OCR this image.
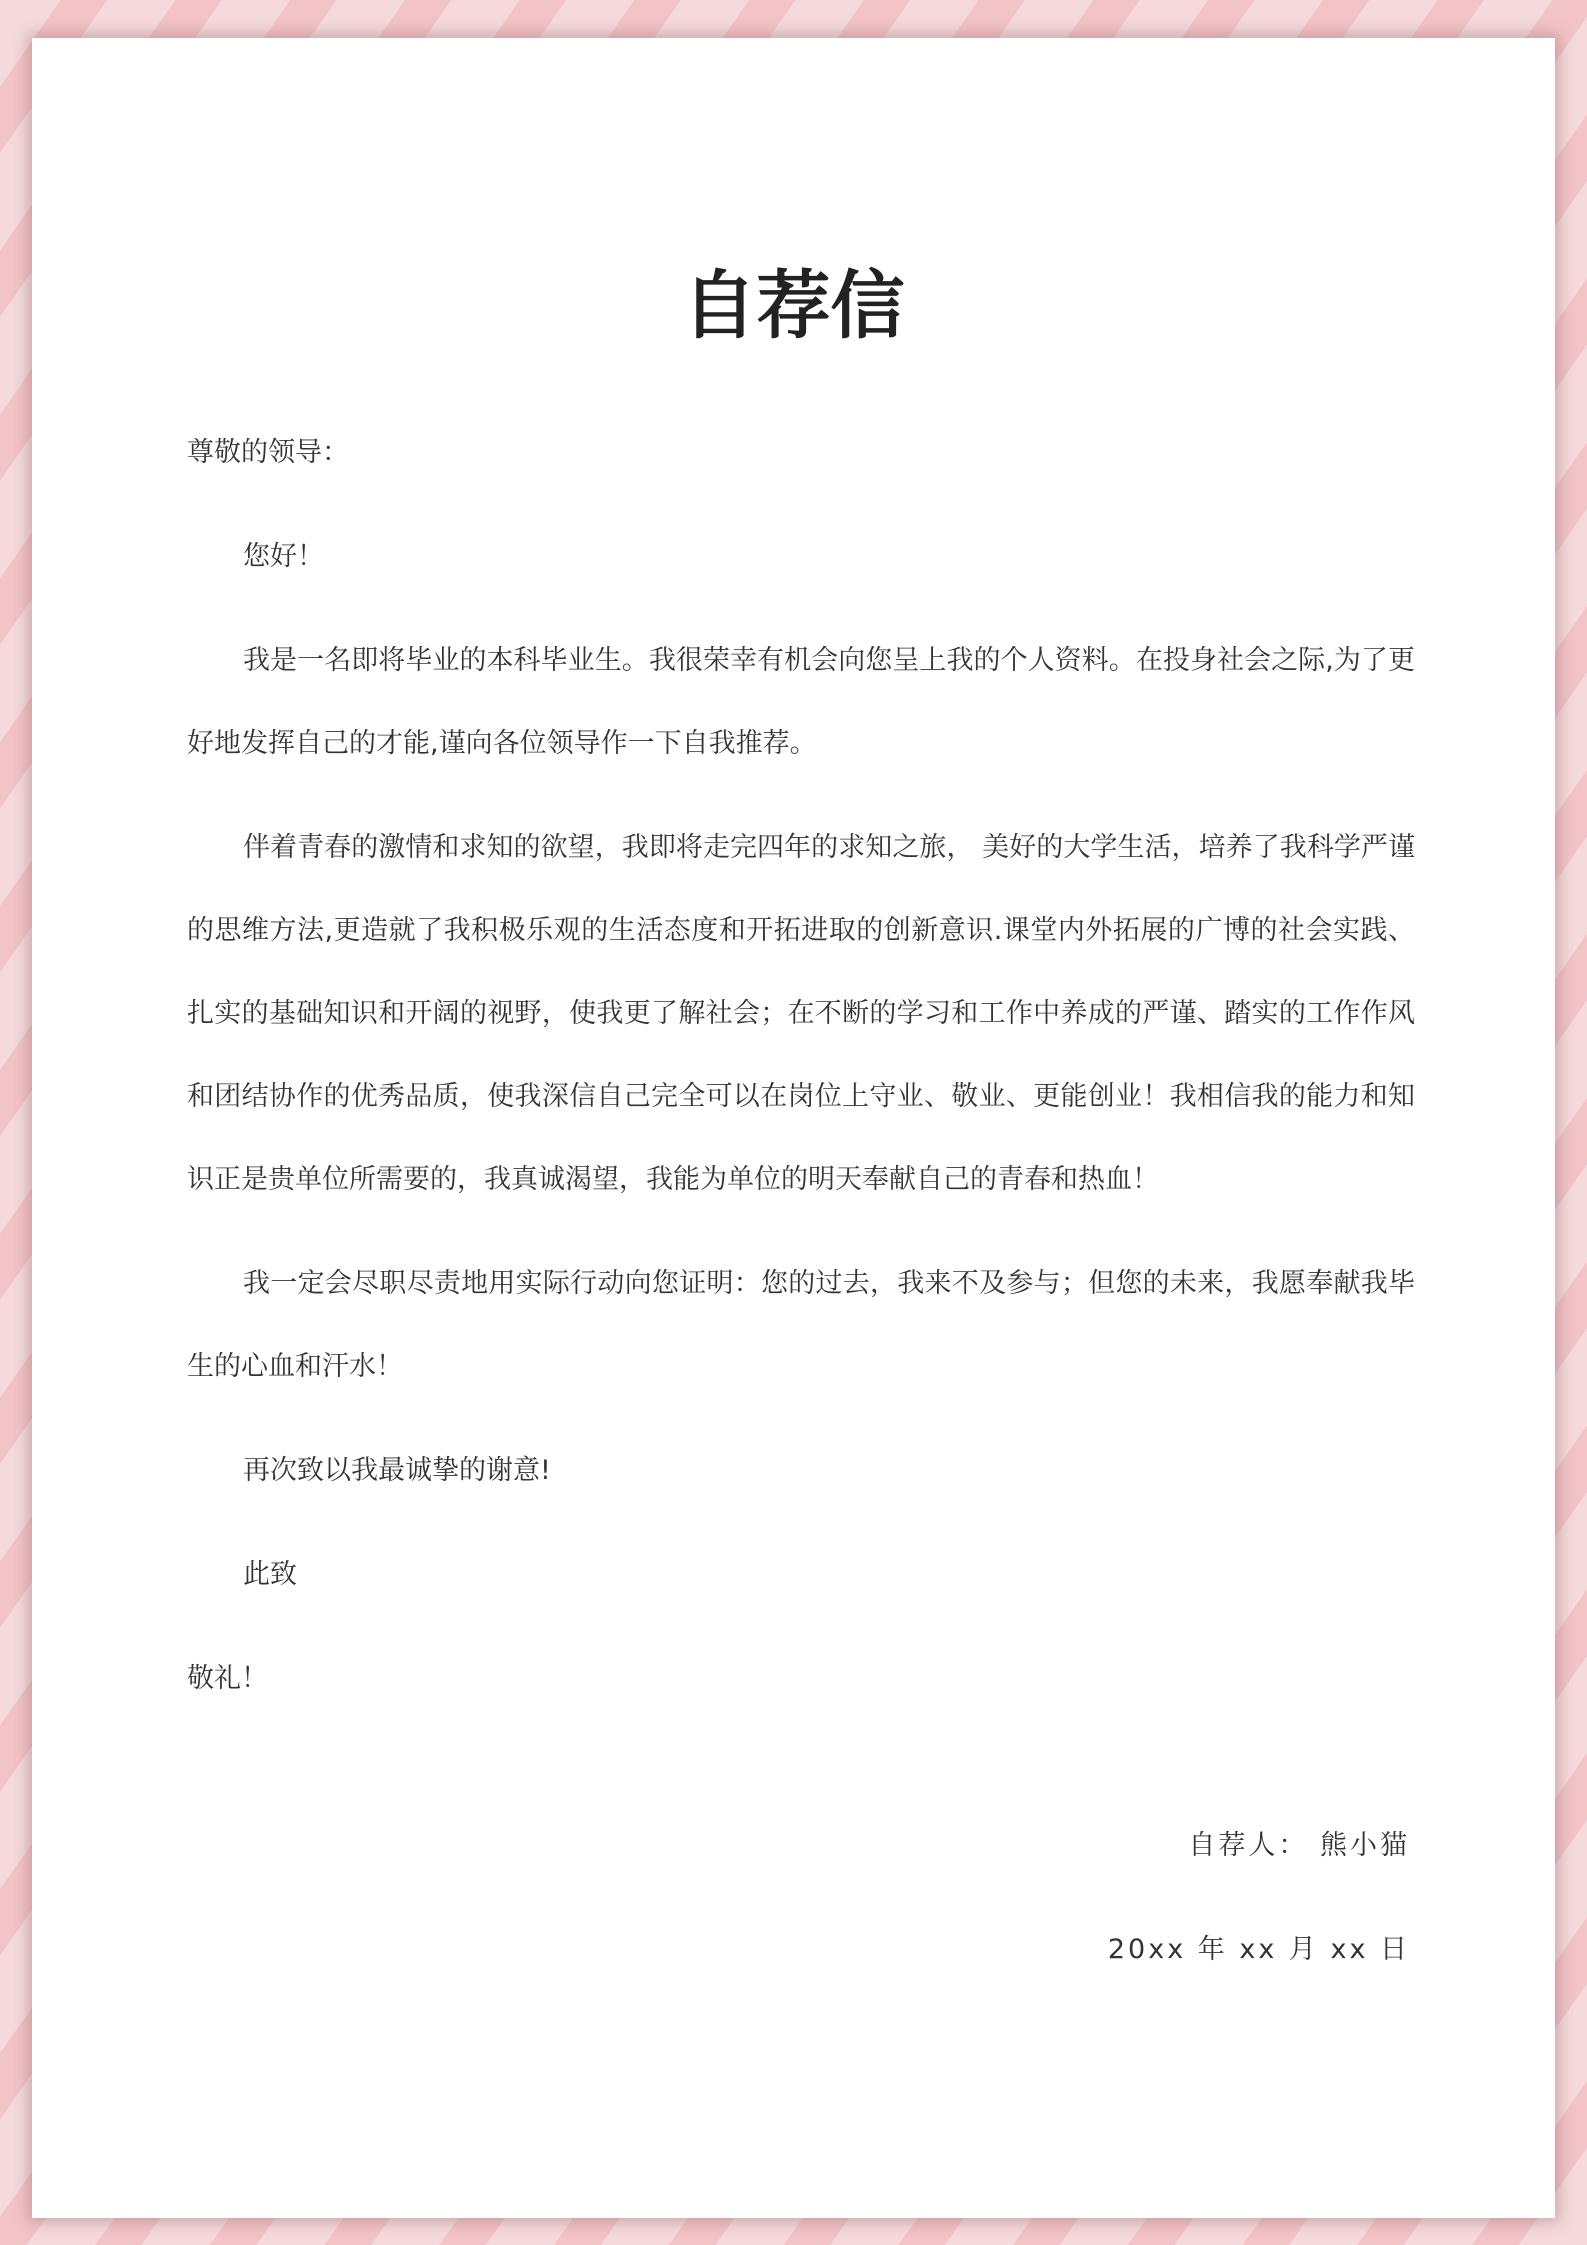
自荐信

尊敬的领导：

您好！

我是一名即将毕业的本科毕业生。我很荣幸有机会向您呈上我的个人资料。在投身社会之际,为了更好地发挥自己的才能,谨向各位领导作一下自我推荐。

伴着青春的激情和求知的欲望，我即将走完四年的求知之旅， 美好的大学生活，培养了我科学严谨的思维方法,更造就了我积极乐观的生活态度和开拓进取的创新意识.课堂内外拓展的广博的社会实践、扎实的基础知识和开阔的视野，使我更了解社会；在不断的学习和工作中养成的严谨、踏实的工作作风和团结协作的优秀品质，使我深信自己完全可以在岗位上守业、敬业、更能创业！我相信我的能力和知识正是贵单位所需要的，我真诚渴望，我能为单位的明天奉献自己的青春和热血！

我一定会尽职尽责地用实际行动向您证明：您的过去，我来不及参与；但您的未来，我愿奉献我毕生的心血和汗水！

再次致以我最诚挚的谢意!

此致

敬礼！

自荐人： 熊小猫
20xx 年 xx 月 xx 日
